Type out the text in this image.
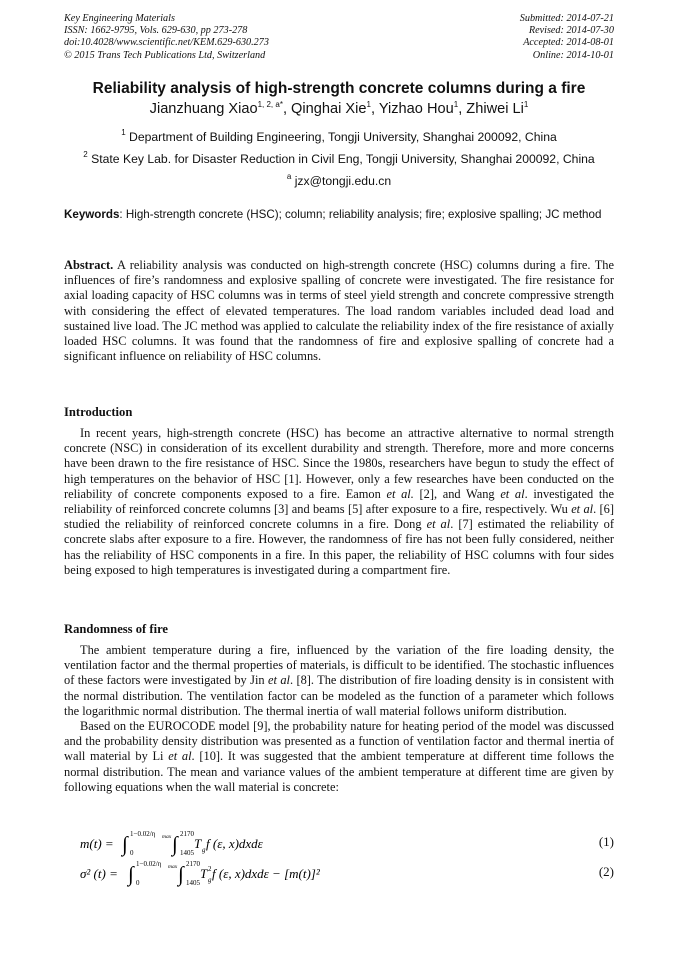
Key Engineering Materials
ISSN: 1662-9795, Vols. 629-630, pp 273-278
doi:10.4028/www.scientific.net/KEM.629-630.273
© 2015 Trans Tech Publications Ltd, Switzerland
Submitted: 2014-07-21
Revised: 2014-07-30
Accepted: 2014-08-01
Online: 2014-10-01
Reliability analysis of high-strength concrete columns during a fire
Jianzhuang Xiao$^{1, 2, a*}$, Qinghai Xie$^1$, Yizhao Hou$^1$, Zhiwei Li$^1$
$^1$ Department of Building Engineering, Tongji University, Shanghai 200092, China
$^2$ State Key Lab. for Disaster Reduction in Civil Eng, Tongji University, Shanghai 200092, China
$^a$ jzx@tongji.edu.cn
Keywords: High-strength concrete (HSC); column; reliability analysis; fire; explosive spalling; JC method
Abstract. A reliability analysis was conducted on high-strength concrete (HSC) columns during a fire. The influences of fire’s randomness and explosive spalling of concrete were investigated. The fire resistance for axial loading capacity of HSC columns was in terms of steel yield strength and concrete compressive strength with considering the effect of elevated temperatures. The load random variables included dead load and sustained live load. The JC method was applied to calculate the reliability index of the fire resistance of axially loaded HSC columns. It was found that the randomness of fire and explosive spalling of concrete had a significant influence on reliability of HSC columns.
Introduction

In recent years, high-strength concrete (HSC) has become an attractive alternative to normal strength concrete (NSC) in consideration of its excellent durability and strength. Therefore, more and more concerns have been drawn to the fire resistance of HSC. Since the 1980s, researchers have begun to study the effect of high temperatures on the behavior of HSC [1]. However, only a few researches have been conducted on the reliability of concrete components exposed to a fire. Eamon et al. [2], and Wang et al. investigated the reliability of reinforced concrete columns [3] and beams [5] after exposure to a fire, respectively. Wu et al. [6] studied the reliability of reinforced concrete columns in a fire. Dong et al. [7] estimated the reliability of concrete slabs after exposure to a fire. However, the randomness of fire has not been fully considered, neither has the reliability of HSC components in a fire. In this paper, the reliability of HSC columns with four sides being exposed to high temperatures is investigated during a compartment fire.

Randomness of fire

The ambient temperature during a fire, influenced by the variation of the fire loading density, the ventilation factor and the thermal properties of materials, is difficult to be identified. The stochastic influences of these factors were investigated by Jin et al. [8]. The distribution of fire loading density is in consistent with the normal distribution. The ventilation factor can be modeled as the function of a parameter which follows the logarithmic normal distribution. The thermal inertia of wall material follows uniform distribution.

Based on the EUROCODE model [9], the probability nature for heating period of the model was discussed and the probability density distribution was presented as a function of ventilation factor and thermal inertia of wall material by Li et al. [10]. It was suggested that the ambient temperature at different time follows the normal distribution. The mean and variance values of the ambient temperature at different time are given by following equations when the wall material is concrete:

m(t) = ∫ 1−0.02/η max
0 ∫ 2170
1405
T g f (ε, x)dxdε	(1)
σ² (t) = ∫ 1−0.02/η max
0 ∫ 2170
1405
T g
2 f (ε, x)dxdε − [m(t)]²	(2)
